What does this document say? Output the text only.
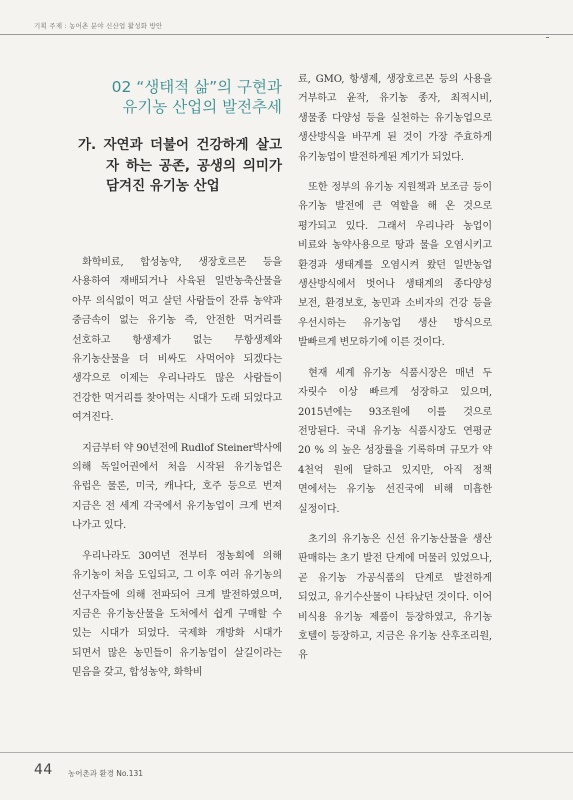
기획 주제 : 농어촌 분야 신산업 활성화 방안
02 “생태적 삶”의 구현과
유기농 산업의 발전추세
가. 자연과 더불어 건강하게 살고자 하는 공존, 공생의 의미가 담겨진 유기농 산업

화학비료, 합성농약, 생장호르몬 등을 사용하여 재배되거나 사육된 일반농축산물을 아무 의식없이 먹고 살던 사람들이 잔류 농약과 중금속이 없는 유기농 즉, 안전한 먹거리를 선호하고 항생제가 없는 무항생제와 유기농산물을 더 비싸도 사먹어야 되겠다는 생각으로 이제는 우리나라도 많은 사람들이 건강한 먹거리를 찾아먹는 시대가 도래 되었다고 여겨진다.

지금부터 약 90년전에 Rudlof Steiner박사에 의해 독일어권에서 처음 시작된 유기농업은 유럽은 물론, 미국, 캐나다, 호주 등으로 번져 지금은 전 세계 각국에서 유기농업이 크게 번져 나가고 있다.

우리나라도 30여년 전부터 정농회에 의해 유기농이 처음 도입되고, 그 이후 여러 유기농의 선구자들에 의해 전파되어 크게 발전하였으며, 지금은 유기농산물을 도처에서 쉽게 구매할 수 있는 시대가 되었다. 국제화 개방화 시대가 되면서 많은 농민들이 유기농업이 살길이라는 믿음을 갖고, 합성농약, 화학비

료, GMO, 항생제, 생장호르몬 등의 사용을 거부하고 윤작, 유기농 종자, 최적시비, 생물종 다양성 등을 실천하는 유기농업으로 생산방식을 바꾸게 된 것이 가장 주효하게 유기농업이 발전하게된 계기가 되었다.

또한 정부의 유기농 지원책과 보조금 등이 유기농 발전에 큰 역할을 해 온 것으로 평가되고 있다. 그래서 우리나라 농업이 비료와 농약사용으로 땅과 물을 오염시키고 환경과 생태계를 오염시켜 왔던 일반농업 생산방식에서 벗어나 생태계의 종다양성 보전, 환경보호, 농민과 소비자의 건강 등을 우선시하는 유기농업 생산 방식으로 발빠르게 변모하기에 이른 것이다.

현재 세계 유기농 식품시장은 매년 두 자릿수 이상 빠르게 성장하고 있으며, 2015년에는 93조원에 이를 것으로 전망된다. 국내 유기농 식품시장도 연평균 20 % 의 높은 성장률을 기록하며 규모가 약 4천억 원에 달하고 있지만, 아직 정책 면에서는 유기농 선진국에 비해 미흡한 실정이다.

초기의 유기농은 신선 유기농산물을 생산 판매하는 초기 발전 단계에 머물러 있었으나, 곧 유기농 가공식품의 단계로 발전하게 되었고, 유기수산물이 나타났던 것이다. 이어 비식용 유기농 제품이 등장하였고, 유기농 호텔이 등장하고, 지금은 유기농 산후조리원, 유

44 농어촌과 환경 No.131
